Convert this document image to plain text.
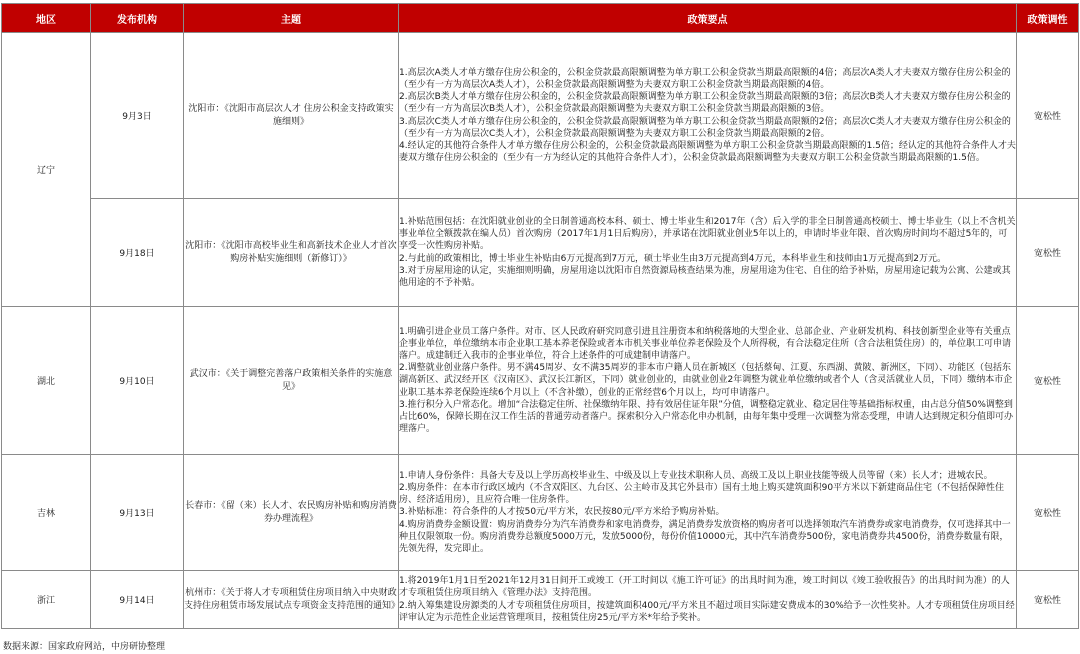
地区	发布机构	主题	政策要点	政策调性
辽宁	9月3日	沈阳市：《沈阳市高层次人才 住房公积金支持政策实施细则》	1.高层次A类人才单方缴存住房公积金的，公积金贷款最高限额调整为单方职工公积金贷款当期最高限额的4倍；高层次A类人才夫妻双方缴存住房公积金的（至少有一方为高层次A类人才），公积金贷款最高限额调整为夫妻双方职工公积金贷款当期最高限额的4倍。

2.高层次B类人才单方缴存住房公积金的，公积金贷款最高限额调整为单方职工公积金贷款当期最高限额的3倍；高层次B类人才夫妻双方缴存住房公积金的（至少有一方为高层次B类人才），公积金贷款最高限额调整为夫妻双方职工公积金贷款当期最高限额的3倍。

3.高层次C类人才单方缴存住房公积金的，公积金贷款最高限额调整为单方职工公积金贷款当期最高限额的2倍；高层次C类人才夫妻双方缴存住房公积金的（至少有一方为高层次C类人才），公积金贷款最高限额调整为夫妻双方职工公积金贷款当期最高限额的2倍。

4.经认定的其他符合条件人才单方缴存住房公积金的，公积金贷款最高限额调整为单方职工公积金贷款当期最高限额的1.5倍；经认定的其他符合条件人才夫妻双方缴存住房公积金的（至少有一方为经认定的其他符合条件人才），公积金贷款最高限额调整为夫妻双方职工公积金贷款当期最高限额的1.5倍。	宽松性
	9月18日	沈阳市：《沈阳市高校毕业生和高新技术企业人才首次购房补贴实施细则（新修订）》	1.补贴范围包括：在沈阳就业创业的全日制普通高校本科、硕士、博士毕业生和2017年（含）后入学的非全日制普通高校硕士、博士毕业生（以上不含机关事业单位全额拨款在编人员）首次购房（2017年1月1日后购房），并承诺在沈阳就业创业5年以上的，申请时毕业年限、首次购房时间均不超过5年的，可享受一次性购房补贴。

2.与此前的政策相比，博士毕业生补贴由6万元提高到7万元，硕士毕业生由3万元提高到4万元，本科毕业生和技师由1万元提高到2万元。

3.对于房屋用途的认定，实施细则明确，房屋用途以沈阳市自然资源局核查结果为准，房屋用途为住宅、自住的给予补贴，房屋用途记载为公寓、公建或其他用途的不予补贴。	宽松性
湖北	9月10日	武汉市：《关于调整完善落户政策相关条件的实施意见》	1.明确引进企业员工落户条件。对市、区人民政府研究同意引进且注册资本和纳税落地的大型企业、总部企业、产业研发机构、科技创新型企业等有关重点企事业单位，单位缴纳本市企业职工基本养老保险或者本市机关事业单位养老保险及个人所得税，有合法稳定住所（含合法租赁住房）的，单位职工可申请落户。成建制迁入我市的企事业单位，符合上述条件的可成建制申请落户。

2.调整就业创业落户条件。男不满45周岁、女不满35周岁的非本市户籍人员在新城区（包括蔡甸、江夏、东西湖、黄陂、新洲区，下同）、功能区（包括东湖高新区、武汉经开区《汉南区》、武汉长江新区，下同）就业创业的，由就业创业2年调整为就业单位缴纳或者个人（含灵活就业人员，下同）缴纳本市企业职工基本养老保险连续6个月以上（不含补缴），创业的正常经营6个月以上，均可申请落户。

3.推行积分入户常态化。增加“合法稳定住所、社保缴纳年限、持有效居住证年限”分值，调整稳定就业、稳定居住等基础指标权重，由占总分值50%调整到占比60%，保障长期在汉工作生活的普通劳动者落户。探索积分入户常态化申办机制，由每年集中受理一次调整为常态受理，申请人达到规定积分值即可办理落户。	宽松性
吉林	9月13日	长春市：《留（来）长人才、农民购房补贴和购房消费券办理流程》	1.申请人身份条件：具备大专及以上学历高校毕业生、中级及以上专业技术职称人员、高级工及以上职业技能等级人员等留（来）长人才；进城农民。

2.购房条件：在本市行政区域内（不含双阳区、九台区、公主岭市及其它外县市）国有土地上购买建筑面积90平方米以下新建商品住宅（不包括保障性住房、经济适用房），且应符合唯一住房条件。

3.补贴标准：符合条件的人才按50元/平方米，农民按80元/平方米给予购房补贴。

4.购房消费券金额设置：购房消费券分为汽车消费券和家电消费券，满足消费券发放资格的购房者可以选择领取汽车消费券或家电消费券，仅可选择其中一种且仅限领取一份。购房消费券总额度5000万元，发放5000份，每份价值10000元，其中汽车消费券500份，家电消费券共4500份，消费券数量有限，先领先得，发完即止。	宽松性
浙江	9月14日	杭州市：《关于将人才专项租赁住房项目纳入中央财政支持住房租赁市场发展试点专项资金支持范围的通知》	1.将2019年1月1日至2021年12月31日间开工或竣工（开工时间以《施工许可证》的出具时间为准，竣工时间以《竣工验收报告》的出具时间为准）的人才专项租赁住房项目纳入《管理办法》支持范围。

2.纳入筹集建设房源类的人才专项租赁住房项目，按建筑面积400元/平方米且不超过项目实际建安费成本的30%给予一次性奖补。人才专项租赁住房项目经评审认定为示范性企业运营管理项目，按租赁住房25元/平方米*年给予奖补。	宽松性
数据来源：国家政府网站，中房研协整理
